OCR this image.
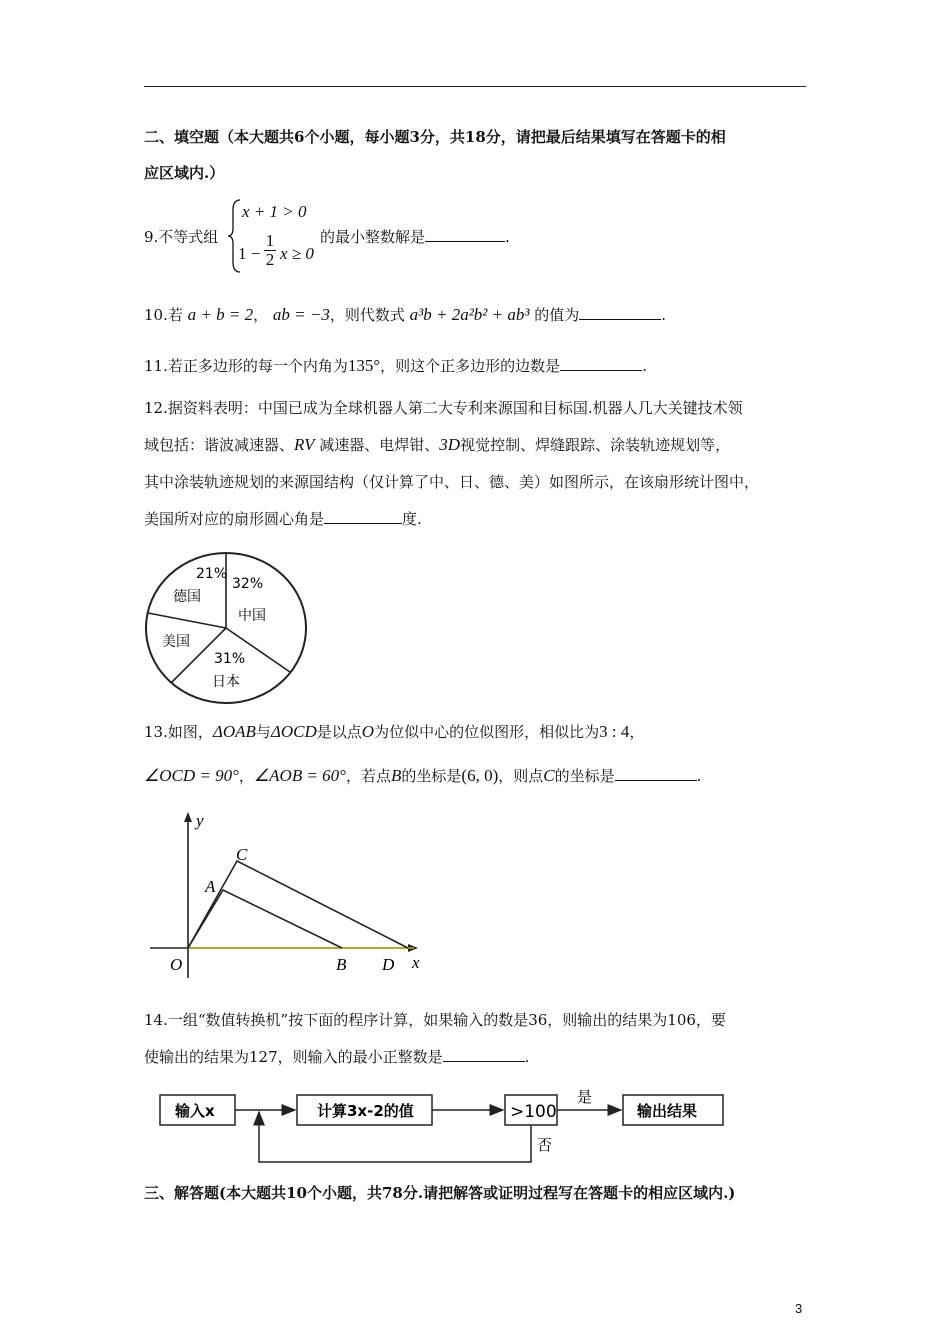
二、填空题（本大题共6个小题，每小题3分，共18分，请把最后结果填写在答题卡的相
应区域内.）
9.不等式组
x + 1 > 0
1 −
1
2 x ≥ 0
的最小整数解是	.
10.若 a + b = 2， ab = −3，则代数式 a³b + 2a²b² + ab³ 的值为	.
11.若正多边形的每一个内角为135°，则这个正多边形的边数是	.
12.据资料表明：中国已成为全球机器人第二大专利来源国和目标国.机器人几大关键技术领
域包括：谐波减速器、RV 减速器、电焊钳、3D视觉控制、焊缝跟踪、涂装轨迹规划等，
其中涂装轨迹规划的来源国结构（仅计算了中、日、德、美）如图所示，在该扇形统计图中，
美国所对应的扇形圆心角是	度.
21%
德国
32%
中国
美国
31%
日本
13.如图，ΔOAB与ΔOCD是以点O为位似中心的位似图形，相似比为3 : 4，
∠OCD = 90°，∠AOB = 60°，若点B的坐标是(6, 0)，则点C的坐标是	.
y
x
O
A
C
B D
14.一组“数值转换机”按下面的程序计算，如果输入的数是36，则输出的结果为106，要
使输出的结果为127，则输入的最小正整数是	.
输入x	计算3x-2的值	>100
是
否
输出结果
三、解答题(本大题共10个小题，共78分.请把解答或证明过程写在答题卡的相应区域内.)
3
